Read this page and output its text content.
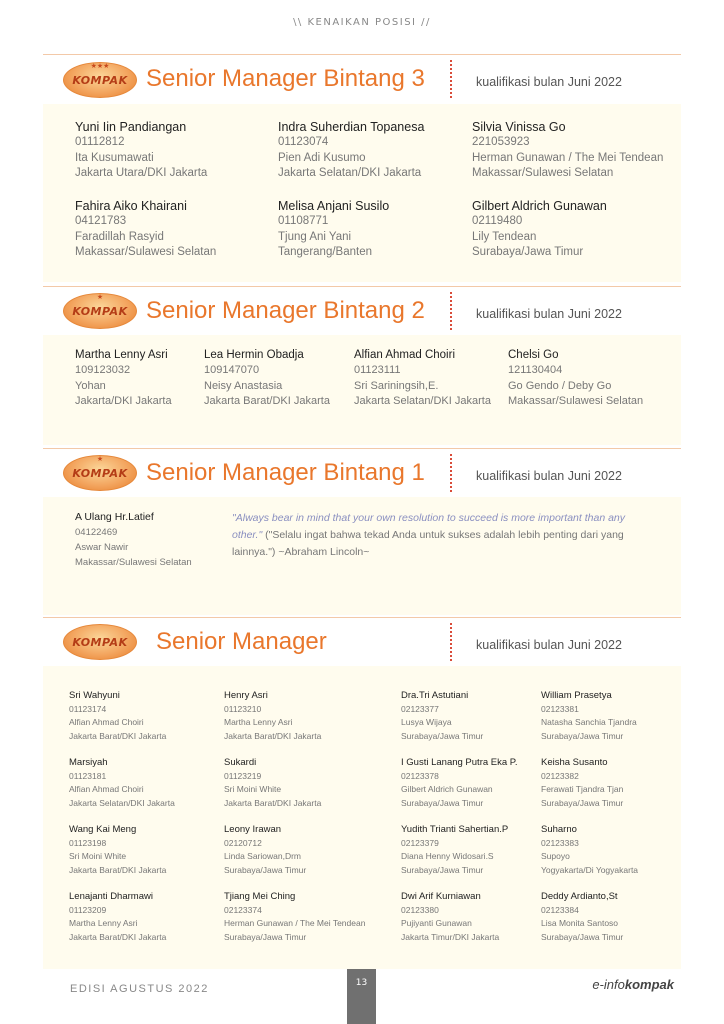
\\ KENAIKAN POSISI //
★★★
KOMPAK Senior Manager Bintang 3	kualifikasi bulan Juni 2022
Yuni Iin Pandiangan
01112812
Ita Kusumawati
Jakarta Utara/DKI Jakarta
Indra Suherdian Topanesa
01123074
Pien Adi Kusumo
Jakarta Selatan/DKI Jakarta
Silvia Vinissa Go
221053923
Herman Gunawan / The Mei Tendean
Makassar/Sulawesi Selatan
Fahira Aiko Khairani
04121783
Faradillah Rasyid
Makassar/Sulawesi Selatan
Melisa Anjani Susilo
01108771
Tjung Ani Yani
Tangerang/Banten
Gilbert Aldrich Gunawan
02119480
Lily Tendean
Surabaya/Jawa Timur
★
KOMPAK Senior Manager Bintang 2	kualifikasi bulan Juni 2022
Martha Lenny Asri
109123032
Yohan
Jakarta/DKI Jakarta
Lea Hermin Obadja
109147070
Neisy Anastasia
Jakarta Barat/DKI Jakarta
Alfian Ahmad Choiri
01123111
Sri Sariningsih,E.
Jakarta Selatan/DKI Jakarta
Chelsi Go
121130404
Go Gendo / Deby Go
Makassar/Sulawesi Selatan
★
KOMPAK Senior Manager Bintang 1	kualifikasi bulan Juni 2022
A Ulang Hr.Latief
04122469
Aswar Nawir
Makassar/Sulawesi Selatan
"Always bear in mind that your own resolution to succeed is more important than any other." ("Selalu ingat bahwa tekad Anda untuk sukses adalah lebih penting dari yang lainnya.") ~Abraham Lincoln~
KOMPAK	Senior Manager	kualifikasi bulan Juni 2022
Sri Wahyuni
01123174
Alfian Ahmad Choiri
Jakarta Barat/DKI Jakarta
Henry Asri
01123210
Martha Lenny Asri
Jakarta Barat/DKI Jakarta
Dra.Tri Astutiani
02123377
Lusya Wijaya
Surabaya/Jawa Timur
William Prasetya
02123381
Natasha Sanchia Tjandra
Surabaya/Jawa Timur
Marsiyah
01123181
Alfian Ahmad Choiri
Jakarta Selatan/DKI Jakarta
Sukardi
01123219
Sri Moini White
Jakarta Barat/DKI Jakarta
I Gusti Lanang Putra Eka P.
02123378
Gilbert Aldrich Gunawan
Surabaya/Jawa Timur
Keisha Susanto
02123382
Ferawati Tjandra Tjan
Surabaya/Jawa Timur
Wang Kai Meng
01123198
Sri Moini White
Jakarta Barat/DKI Jakarta
Leony Irawan
02120712
Linda Sariowan,Drm
Surabaya/Jawa Timur
Yudith Trianti Sahertian.P
02123379
Diana Henny Widosari.S
Surabaya/Jawa Timur
Suharno
02123383
Supoyo
Yogyakarta/Di Yogyakarta
Lenajanti Dharmawi
01123209
Martha Lenny Asri
Jakarta Barat/DKI Jakarta
Tjiang Mei Ching
02123374
Herman Gunawan / The Mei Tendean
Surabaya/Jawa Timur
Dwi Arif Kurniawan
02123380
Pujiyanti Gunawan
Jakarta Timur/DKI Jakarta
Deddy Ardianto,St
02123384
Lisa Monita Santoso
Surabaya/Jawa Timur
EDISI AGUSTUS 2022	13	e-infokompak
